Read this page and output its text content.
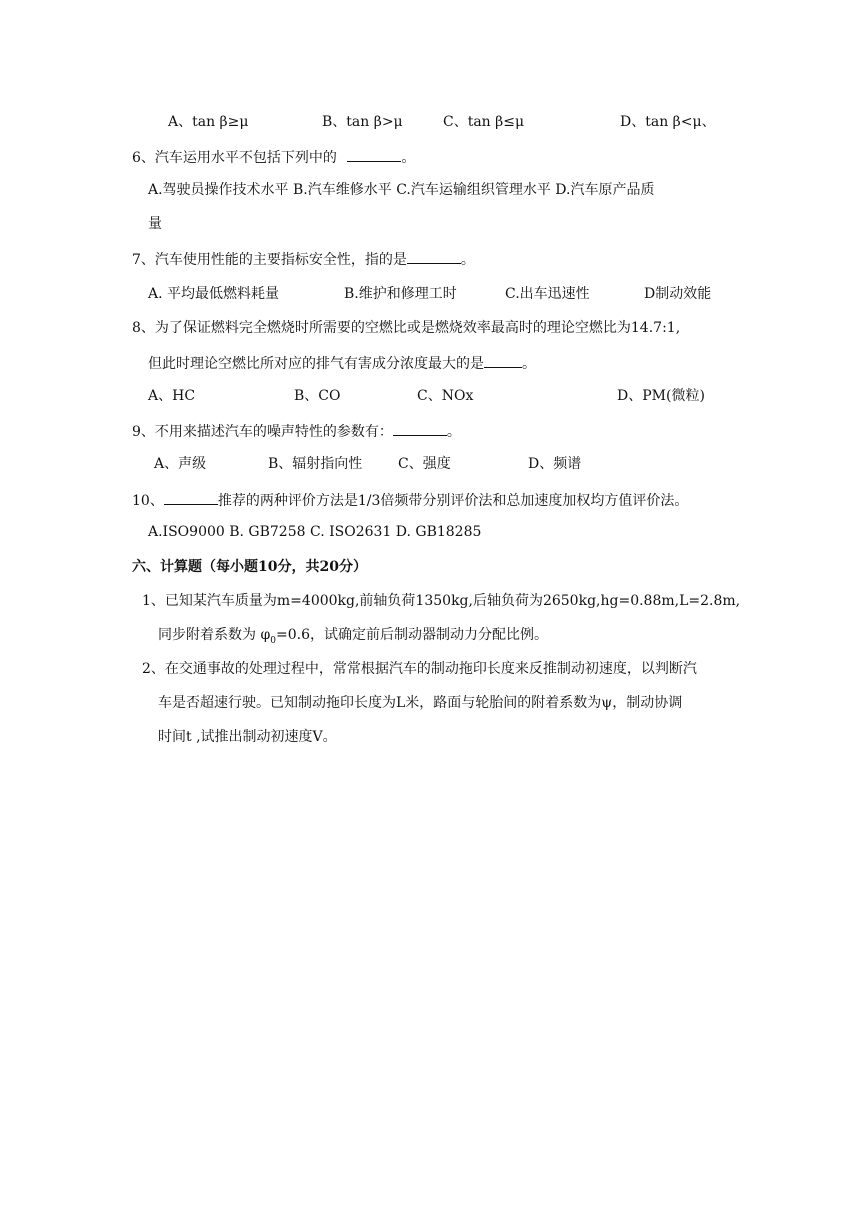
A、tan β≥μ	B、tan β>μ	C、tan β≤μ	D、tan β<μ、
6、汽车运用水平不包括下列中的	。
A.驾驶员操作技术水平 B.汽车维修水平 C.汽车运输组织管理水平 D.汽车原产品质
量
7、汽车使用性能的主要指标安全性，指的是	。
A. 平均最低燃料耗量	B.维护和修理工时	C.出车迅速性	D制动效能
8、为了保证燃料完全燃烧时所需要的空燃比或是燃烧效率最高时的理论空燃比为14.7:1,
但此时理论空燃比所对应的排气有害成分浓度最大的是	。
A、HC	B、CO	C、NOx	D、PM(微粒)
9、不用来描述汽车的噪声特性的参数有：	。
A、声级	B、辐射指向性	C、强度	D、频谱
10、	推荐的两种评价方法是1/3倍频带分别评价法和总加速度加权均方值评价法。
A.ISO9000 B. GB7258 C. ISO2631 D. GB18285
六、计算题（每小题10分，共20分）
1、已知某汽车质量为m=4000kg,前轴负荷1350kg,后轴负荷为2650kg,hg=0.88m,L=2.8m,
同步附着系数为 $\varphi_0=0.6$，试确定前后制动器制动力分配比例。
2、在交通事故的处理过程中，常常根据汽车的制动拖印长度来反推制动初速度，以判断汽
车是否超速行驶。已知制动拖印长度为L米，路面与轮胎间的附着系数为ψ，制动协调
时间t ,试推出制动初速度V。
